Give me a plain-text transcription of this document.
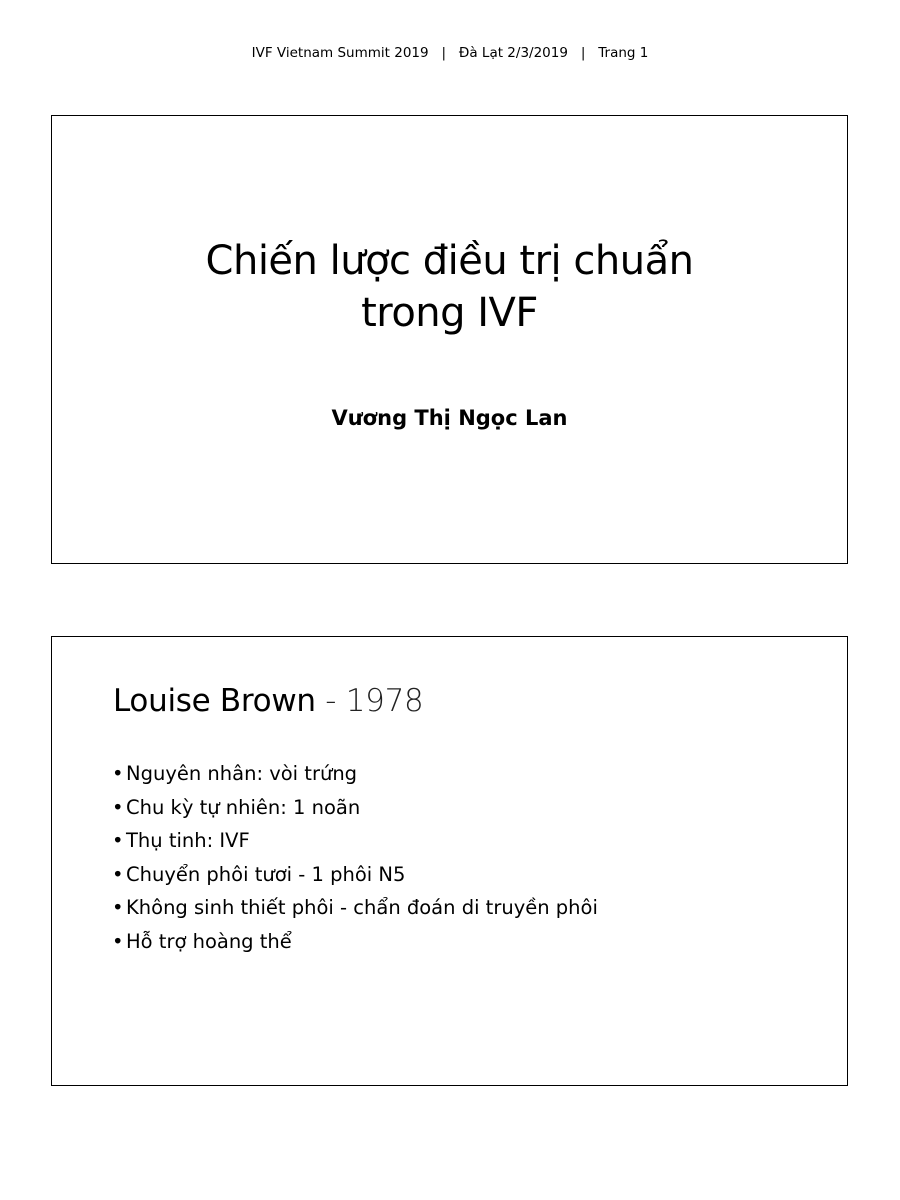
IVF Vietnam Summit 2019 | Đà Lạt 2/3/2019 | Trang 1
Chiến lược điều trị chuẩn
trong IVF
Vương Thị Ngọc Lan
Louise Brown - 1978
• Nguyên nhân: vòi trứng
• Chu kỳ tự nhiên: 1 noãn
• Thụ tinh: IVF
• Chuyển phôi tươi - 1 phôi N5
• Không sinh thiết phôi - chẩn đoán di truyền phôi
• Hỗ trợ hoàng thể
